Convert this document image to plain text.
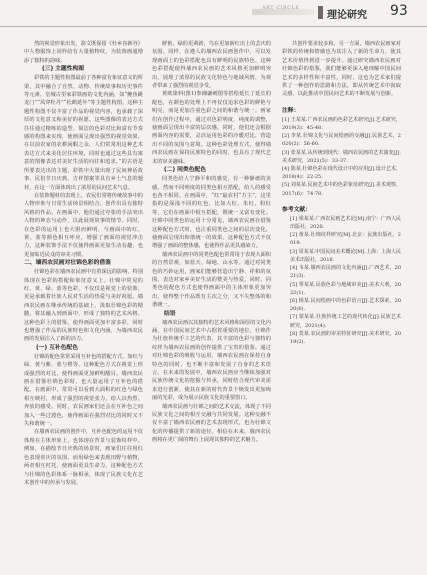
ART CIRCLE
理论研究 93

然的视觉形象出发，箭文既保留《杜乡谷新谷》中人物服饰上同样给有大量植物纹，为装饰画通增添了独特的韵味。

(三) 主题性构图

彩铁的主题性构图最前了各种富有象征意义的所渠，其中融合了自然、动物、传统故事和历史事件等元素。皇城古里家彩铁画的文化内涵，如“鲤鱼跳龙门”“凤穿牡丹”“松鹤延年”等主题性构图。这种主题性构图不仅丰富了作品的视觉内容，也承载了深厚的文化意义和美好的祝愿。这些图像的表达方式往往通过精练的造型、简洁的色彩对比和富有节奏感的构图来实现，使画面呈现出强烈的视觉效果。在以前农家的农耕闲暇之余，人们常常用这种艺术表达方式来美化居住环境，同时也通过这些具有寓意的图像表达对美好生活的向往和追求。”的古语是所要表达出的主题，彩铁中大量出现了民间神话故事、民俗节日庆典、吉祥图案等具有乡土气息的题材，在这一方面体现出了浓厚的民间艺术气息。

在装饰题材的表现上，农民们常将传统故事中的人物形象与日常生活场景相结合，创作出具有独特风格的作品。在画面中，他们通过夸张的手法突出人物的神态与动作，以此展现故事的情节。同时，在色彩的运用上也大胆而鲜明，与画面中的红、黄、蓝等颜色相互呼应，增强了画面的视觉冲击力。这种装饰手法不仅使得画面更加生动有趣，也更加贴近民众的审美习惯。

二、墙西农民画对壮锦色彩的借鉴

壮锦色彩在墙西农民画中有着深远的影响，特别体现在色彩的搭配和象征意义上。壮锦中常见的红、黄、绿、蓝等色彩，不仅仅是视觉上的装饰，更是承载着壮族人民对生活的热爱与美好祝愿。墙西农民画在继承传统的基础上，汲取壮锦色彩的精髓，将其融入到画面中，形成了独特的艺术风格。这种色彩上的借鉴，使得画面更加丰富多彩，同时也增强了作品的民族特色和文化内涵，为墙西农民画的发展注入了新的活力。

(一) 互补色配色

壮锦的配色常常采用互补色的搭配方式，如红与绿、黄与紫、蓝与橙等。这种配色方式在视觉上形成强烈的对比，使得画面更加鲜明醒目。墙西农民画在借鉴壮锦色彩时，也大量运用了互补色的搭配。在画面中，常常可以看到大面积的红色与绿色相互映衬，形成了强烈的视觉张力，给人以热烈、奔放的感受。同时，农民画家们还会在互补色之间加入一些过渡色，使得画面在强烈对比的同时又不失和谐统一。

在墙西农民画的创作中，互补色配色的运用不仅体现在主体形象上，也体现在背景与装饰纹样中。例如，在描绘节日庆典的场景时，画家们往往用红色表现喜庆的氛围，而用绿色来表现田野与植物，两者相互衬托，使画面更具生命力。这种配色方式与壮锦的色彩体系一脉相承，体现了民族文化在艺术创作中的传承与发展。

鲜艳、绿的更调新，鸟在更加新红出上的芸庆的氛围。同样，在遵人的墙西农民画创作中，可以发现画面上的色彩搭配也具有鲜明的民族特色。这种色彩搭配使得墙西农民画的艺术风格更加鲜明突出，展现了浓厚的民族文化特色与地域风情，为观者带来了强烈的视觉享受。

黄欧染料(图1)参湘谦刺图等搭绘延长了延长的配色，在颜色的处理上不再仅仅追求色彩的鲜艳与明亮，而是更加注重色彩之间的和谐与统一。画家们在创作过程中，通过对色彩明度、纯度的调整，使画面呈现出丰富的层次感。同时，他们还会根据画面内容的需要，灵活运用色彩的冷暖对比，营造出不同的氛围与意境。这种色彩处理方式，使得墙西农民画在保持民族特色的同时，也具有了现代艺术的审美趣味。

(二) 同类色配色

同类色给人宁静平和的感觉，有一种静谧的美感。然而不同明度的同类色相互搭配，给人的感受也各不相同。在画面中，“红”最农村“方主”，这里指的是深浅不同的红色，比如大红、朱红、粉红等，它们在画面中相互搭配，既统一又富有变化。壮锦中同类色的运用十分常见，墙西农民画在借鉴这种配色方式时，也注重同类色之间的层次变化，使画面呈现出和谐统一的效果。这种配色方式不仅增强了画面的整体感，也使得作品更具感染力。

墙西农民画中的同类色配色常常用于表现大面积的自然景观，如蓝天、绿地、山水等。通过对同类色的巧妙运用，画家们能够营造出宁静、祥和的氛围，表达对家乡美好生活的赞美与热爱。同时，同类色的配色方式也使得画面中的主体形象更加突出，使得整个作品既有主次之分，又不失整体的和谐统一。

结语

墙西农民画以其独特的艺术风格和深厚的文化内涵，在中国民间艺术中占据着重要的地位。壮锦作为壮族传统手工艺的代表，其丰富的色彩与独特的纹样为墙西农民画的创作提供了宝贵的借鉴。通过对壮锦色彩的吸收与运用，墙西农民画在保持自身特色的同时，也不断丰富和发展了自身的艺术语言。在未来的发展中，墙西农民画应当继续加强对民族传统文化的挖掘与传承，同时结合现代审美需求进行创新，使其在新的时代背景下焕发出更加绚丽的光彩，成为展示民族文化的重要窗口。

墙西农民画与壮锦之间的艺术交流，体现了不同民族文化之间的相互交融与共同发展。这种交融不仅丰富了墙西农民画的艺术表现形式，也为壮锦文化的传播提供了新的途径。相信在未来，墙西农民画将在更广阔的舞台上展现其独特的艺术魅力。

共创作要求较多和。另一方面，墙西农民画家对彩铁的传统和情感也为其注入了新的生命力，使其艺术价值得到进一步提升。通过研究墙西农民画对壮锦色彩的借鉴，我们能够更深入地理解中国民间艺术的多样性和丰富性，同时，这也为艺术家们提供了一种创作的思路和方法，即从传统艺术中汲取灵感，以此推动中国民间艺术的不断发展与创新。

注释：

[1] 王某某.广西农民画的色彩艺术研究[J].艺术研究，2019(3)：45-48.

[2] 李某.壮锦文化与民间绘画的交融[J].民族艺术，2020(2)：56-60.

[3] 张某某.从传统到现代：墙西农民画的艺术演变[J].美术研究，2021(5)：33-37.

[4] 陈某.壮锦色彩在现代设计中的应用[J].设计艺术，2018(4)：22-25.

[5] 刘某某.民间艺术中的色彩象征研究[J].美术观察，2017(6)：74-78.

参考文献：

[1] 梁某某.广西农民画艺术论[M].南宁：广西人民出版社，2020.

[2] 黄某.壮锦纹样研究[M].北京：民族出版社，2019.

[3] 周某某.中国民间美术概论[M].上海：上海人民美术出版社，2018.

[4] 韦某.墙西农民画的文化内涵[J].广西艺术，2021(3).

[5] 覃某某.民族色彩与地域审美[J].美术大观，2022(1).

[6] 杨某.民间绘画中的色彩语言[J].艺术探索，2020(6).

[7] 蒙某某.壮族传统工艺的现代转化[J].民族艺术研究，2021(4).

[8] 莫某.农民画的审美特征研究[J].美术研究，2019(2).
